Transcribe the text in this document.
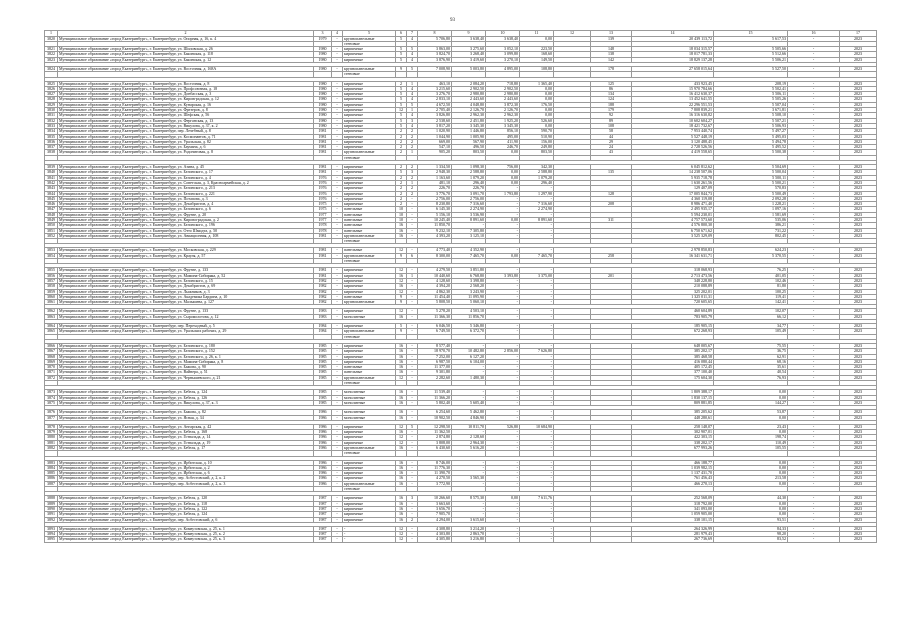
93
1	2	3	4	5	6	7	8	9	10	11	12	13	14	15	16	17
3820	Муниципальное образование «город Екатеринбург», г. Екатеринбург, ул. Опорная, д. 16, к. 4	1979	-	крупнопанельные	5	4	5 706,80	3 638,40	3 638,40	0,00		139	20 439 113,72	5 617,53	-	2023
				стеновые												
3821	Муниципальное образование «город Екатеринбург», г. Екатеринбург, ул. Шиловская, д. 26	1980	-	кирпичные	5	5	3 863,00	3 275,60	3 052,10	223,50		148	18 034 315,57	5 505,66	-	2023
3822	Муниципальное образование «город Екатеринбург», г. Екатеринбург, ул. Бакинская, д. 118	1980	-	кирпичные	5	4	3 824,70	3 268,40	3 099,80	168,60		138	18 017 781,33	5 512,66	-	2023
3823	Муниципальное образование «город Екатеринбург», г. Екатеринбург, ул. Бакинская, д. 12	1980	-	кирпичные	5	4	3 876,90	3 419,60	3 270,10	149,50		142	18 829 137,28	5 506,21	-	2023

3824	Муниципальное образование «город Екатеринбург», г. Екатеринбург, ул. Восточная, д. 168А	1980	-	крупнопанельные	9	5	7 008,90	5 003,80	4 895,00	108,80		178	27 658 015,64	5 527,50	-	2023
				стеновые												

3825	Муниципальное образование «город Екатеринбург», г. Екатеринбург, ул. Восточная, д. 8	1980	-	кирпичные	2	1	463,10	2 084,20	718,80	1 365,40		125	433 923,45	208,19	-	2023
3826	Муниципальное образование «город Екатеринбург», г. Екатеринбург, ул. Профсоюзная, д. 18	1980	-	кирпичные	5	4	3 215,60	2 902,50	2 902,50	0,00		86	15 970 784,66	5 502,41	-	2023
3827	Муниципальное образование «город Екатеринбург», г. Екатеринбург, ул. Донбасская, д. 3	1980	-	кирпичные	5	4	3 276,70	2 980,80	2 980,80	0,00		134	16 412 630,37	5 506,11	-	2023
3828	Муниципальное образование «город Екатеринбург», г. Екатеринбург, ул. Кировградская, д. 12	1980	-	кирпичные	5	4	2 833,10	2 443,60	2 443,60	0,00		124	13 452 641,55	5 505,26	-	2023
3829	Муниципальное образование «город Екатеринбург», г. Екатеринбург, ул. Кунарская, д. 16	1980	-	кирпичные	5	5	4 672,50	4 048,80	3 872,30	176,50		188	22 296 551,53	5 507,04	-	2023
3830	Муниципальное образование «город Екатеринбург», г. Екатеринбург, ул. Фрезеров, д. 8	1980	-	кирпичные	12	1	2 705,40	2 126,70	2 126,70	0,00		179	7 808 839,21	3 671,81	-	2023
3831	Муниципальное образование «город Екатеринбург», г. Екатеринбург, ул. Шефская, д. 56	1980	-	кирпичные	5	4	3 826,80	2 962,30	2 962,30	0,00		92	16 316 630,82	5 508,10	-	2023
3832	Муниципальное образование «город Екатеринбург», г. Екатеринбург, ул. Ферганская, д. 13	1980	-	кирпичные	5	3	2 538,60	2 451,80	1 925,20	526,60		89	10 602 604,27	5 507,21	-	2023
3833	Муниципальное образование «город Екатеринбург», г. Екатеринбург, ул. Викулова, д. 37, к. 2	1980	-	кирпичные	5	4	3 817,20	3 345,30	3 345,30	0,00		108	18 421 732,67	5 506,93	-	2023
3834	Муниципальное образование «город Екатеринбург», г. Екатеринбург, пер. Лечебный, д. 8	1981	-	кирпичные	2	2	1 020,90	1 446,80	856,10	590,70		58	7 953 440,74	5 497,27	-	2023
3835	Муниципальное образование «город Екатеринбург», г. Екатеринбург, ул. Космонавтов, д. 71	1981	-	кирпичные	2	2	1 044,90	1 005,90	495,00	510,90		44	5 527 448,19	5 495,03	-	2023
3836	Муниципальное образование «город Екатеринбург», г. Екатеринбург, ул. Уральская, д. 82	1981	-	кирпичные	2	2	669,00	567,90	411,90	156,00		29	3 120 488,45	5 494,78	-	2023
3837	Муниципальное образование «город Екатеринбург», г. Екатеринбург, ул. Баумана, д. 6	1981	-	кирпичные	2	2	547,10	496,50	246,70	249,80		24	2 728 526,56	5 495,52	-	2023
3838	Муниципальное образование «город Екатеринбург», г. Екатеринбург, ул. Родонитовая, д. 8	1981	-	крупнопанельные	2	1	905,20	803,50	0,00	803,50		43	4 419 558,65	5 500,38	-	2023
				стеновые												

3839	Муниципальное образование «город Екатеринбург», г. Екатеринбург, ул. Азина, д. 45	1981	-	кирпичные	2	2	1 334,50	1 098,30	756,00	342,30			6 045 812,62	5 504,69	-	2023
3840	Муниципальное образование «город Екатеринбург», г. Екатеринбург, ул. Белинского, д. 17	1981	-	кирпичные	5	3	2 948,30	2 588,80	0,00	2 588,80		135	14 238 507,06	5 500,04	-	2023
3841	Муниципальное образование «город Екатеринбург», г. Екатеринбург, ул. Белинского, д. 4	1976	-	кирпичные	2	2	1 163,60	1 079,20	0,00	1 079,20			5 935 718,78	5 500,11	-	2023
3842	Муниципальное образование «город Екатеринбург», г. Екатеринбург, ул. Советская, д. 3, Красноармейская, д. 2	1976	-	кирпичные	2	1	481,10	296,40	0,00	296,40			1 630 261,56	5 500,21	-	2023
3843	Муниципальное образование «город Екатеринбург», г. Екатеринбург, ул. Белинского, д. 213	1976	-	кирпичные	2	2	226,70	226,70	-	-			129 407,09	570,83	-	2023
3844	Муниципальное образование «город Екатеринбург», г. Екатеринбург, ул. Белинского, д. 221	1976	-	кирпичные	2	2	3 776,70	3 091,70	1 793,80	1 297,90		128	17 005 844,73	5 500,49	-	2023
3845	Муниципальное образование «город Екатеринбург», г. Екатеринбург, ул. Потапова, д. 3	1976	-	кирпичные	2	-	2 756,00	2 756,00	-	-			4 360 119,08	2 092,28	-	2023
3846	Муниципальное образование «город Екатеринбург», г. Екатеринбург, ул. Декабристов, д. 4	1975	-	кирпичные	2	-	8 230,80	7 316,60	-	7 316,60		208	8 986 471,40	1 228,21	-	2023
3847	Муниципальное образование «город Екатеринбург», г. Екатеринбург, ул. Белинского, д. 6	1975	-	панельные	10	-	6 145,30	2 274,90	-	2 274,90			2 495 935,17	1 097,16	-	2023
3848	Муниципальное образование «город Екатеринбург», г. Екатеринбург, ул. Фрунзе, д. 20	1977	-	панельные	10	-	5 156,10	3 536,90	-	-			5 594 230,01	1 581,69	-	2023
3849	Муниципальное образование «город Екатеринбург», г. Екатеринбург, ул. Кировоградская, д. 2	1977	-	панельные	10	-	10 245,40	8 891,60	0,00	8 891,60		311	4 757 573,60	535,06	-	2023
3850	Муниципальное образование «город Екатеринбург», г. Екатеринбург, ул. Белинского, д. 196	1978	-	панельные	16	-	11 850,70	-	-	-			4 576 800,30	386,21	-	2023
3851	Муниципальное образование «город Екатеринбург», г. Екатеринбург, ул. Отто Шмидта, д. 50	1978	-	панельные	16	-	9 232,10	7 305,80	-	-			6 750 671,62	731,22	-	2023
3852	Муниципальное образование «город Екатеринбург», г. Екатеринбург, ул. Авиационная, д. 108	1981	-	крупнопанельные	16	-	4 393,20	3 125,10	-	-			3 525 329,09	802,45	-	2023
				стеновые												

3853	Муниципальное образование «город Екатеринбург», г. Екатеринбург, ул. Московская, д. 229	1981	-	панельные	12	-	4 773,40	4 352,90	-	-			2 978 850,83	624,23	-	2023
3854	Муниципальное образование «город Екатеринбург», г. Екатеринбург, ул. Крауля, д. 57	1981	-	крупнопанельные	9	6	8 300,00	7 465,70	0,00	7 465,70		258	16 341 631,71	5 370,55	-	2023
				стеновые												

3855	Муниципальное образование «город Екатеринбург», г. Екатеринбург, ул. Фрунзе, д. 133	1981	-	кирпичные	12	-	4 279,50	3 851,80	-	-			318 068,93	76,25	-	2023
3856	Муниципальное образование «город Екатеринбург», г. Екатеринбург, ул. Мамина-Сибиряка, д. 52	1981	-	кирпичные	16	1	10 440,60	6 768,80	3 393,80	3 375,00		201	2 713 473,56	401,05	-	2023
3857	Муниципальное образование «город Екатеринбург», г. Екатеринбург, ул. Белинского, д. 15	1982	-	кирпичные	12	-	4 128,60	3 398,80	-	-			348 228,80	102,46	-	2023
3858	Муниципальное образование «город Екатеринбург», г. Екатеринбург, ул. Декабристов, д. 69	1982	-	кирпичные	16	-	4 394,20	2 568,20	-	-			210 088,89	81,80	-	2023
3859	Муниципальное образование «город Екатеринбург», г. Екатеринбург, ул. Лыжников, д. 3	1982	-	кирпичные	12	-	4 862,30	3 243,90	-	-			325 202,01	100,25	-	2023
3860	Муниципальное образование «город Екатеринбург», г. Екатеринбург, ул. Академика Бардина, д. 10	1982	-	панельные	9	-	11 454,40	11 095,90	-	-			1 325 011,31	119,41	-	2023
3861	Муниципальное образование «город Екатеринбург», г. Екатеринбург, ул. Малышева, д. 127	1982	-	крупнопанельные	9	-	5 808,50	5 060,10	-	-			720 605,65	142,41	-	2023

3862	Муниципальное образование «город Екатеринбург», г. Екатеринбург, ул. Фрунзе, д. 133	1983	-	кирпичные	12	-	5 278,20	4 503,10	-	-			460 604,89	102,07	-	2023
3863	Муниципальное образование «город Екатеринбург», г. Екатеринбург, ул. Сыромолотова, д. 12	1983	-	монолитные	16	-	11 366,30	11 856,70	-	-			783 905,79	66,12	-	2023

3864	Муниципальное образование «город Екатеринбург», г. Екатеринбург, пер. Переходный, д. 5	1984	-	кирпичные	5	-	6 046,50	5 346,80	-	-			185 905,15	34,77	-	2023
3865	Муниципальное образование «город Екатеринбург», г. Екатеринбург, ул. Уральских рабочих, д. 29	1984	-	крупнопанельные	9	-	6 749,50	6 372,70	-	-			672 268,93	105,49	-	2023
				стеновые												

3866	Муниципальное образование «город Екатеринбург», г. Екатеринбург, ул. Белинского, д. 180	1985	-	кирпичные	16	-	8 577,40	-	-	-			648 005,67	75,55	-	2023
3867	Муниципальное образование «город Екатеринбург», г. Екатеринбург, ул. Белинского, д. 152	1985	-	кирпичные	16	-	18 970,70	10 482,80	2 856,00	7 626,80			385 202,17	36,75	-	2023
3868	Муниципальное образование «город Екатеринбург», г. Екатеринбург, ул. Белинского, д. 26, к. 1	1985	-	кирпичные	16	-	7 252,00	6 127,20	-	-			385 468,58	62,91	-	2023
3869	Муниципальное образование «город Екатеринбург», г. Екатеринбург, ул. Мамина-Сибиряка, д. 8	1985	-	кирпичные	16	-	6 987,50	6 104,00	-	-			416 080,44	68,16	-	2023
3870	Муниципальное образование «город Екатеринбург», г. Екатеринбург, ул. Бажова, д. 90	1985	-	панельные	16	-	11 377,00	-	-	-			405 172,45	35,61	-	2023
3871	Муниципальное образование «город Екатеринбург», г. Екатеринбург, ул. Вайнера, д. 51	1985	-	панельные	16	-	9 301,80	-	-	-			377 100,40	40,54	-	2023
3872	Муниципальное образование «город Екатеринбург», г. Екатеринбург, ул. Чернышевского, д. 21	1985	-	крупнопанельные	12	-	2 282,60	1 480,30	-	-			175 604,30	76,93	-	2023
				стеновые												

3873	Муниципальное образование «город Екатеринбург», г. Екатеринбург, ул. Бебеля, д. 124	1985	-	монолитные	16	-	11 539,40	-	-	-			1 809 388,17	0,00	-	2023
3874	Муниципальное образование «город Екатеринбург», г. Екатеринбург, ул. Бебеля, д. 126	1985	-	монолитные	16	-	11 366,20	-	-	-			1 830 137,15	0,00	-	2023
3875	Муниципальное образование «город Екатеринбург», г. Екатеринбург, ул. Викулова, д. 37, к. 3	1985	-	монолитные	16	-	5 802,40	5 605,40	-	-			809 881,85	144,27	-	2023

3876	Муниципальное образование «город Екатеринбург», г. Екатеринбург, ул. Бажова, д. 82	1986	-	монолитные	16	-	6 254,60	5 462,80	-	-			385 205,62	53,87	-	2023
3877	Муниципальное образование «город Екатеринбург», г. Екатеринбург, ул. Ясная, д. 34	1986	-	монолитные	16	-	10 902,50	4 846,90	-	-			448 280,61	0,00	-	2023

3878	Муниципальное образование «город Екатеринбург», г. Екатеринбург, ул. Ангарская, д. 42	1986	-	кирпичные	12	5	12 298,50	10 811,70	526,80	10 684,90			258 148,07	23,43	-	2023
3879	Муниципальное образование «город Екатеринбург», г. Екатеринбург, ул. Бебеля, д. 168	1986	-	кирпичные	16	-	11 362,50	-	-	-			302 907,01	0,00	-	2023
3880	Муниципальное образование «город Екатеринбург», г. Екатеринбург, ул. Готвальда, д. 14	1986	-	кирпичные	12	-	2 874,80	2 128,60	-	-			422 303,15	198,74	-	2023
3881	Муниципальное образование «город Екатеринбург», г. Екатеринбург, ул. Готвальда, д. 19	1986	-	кирпичные	12	-	3 808,00	2 964,30	-	-			338 202,17	110,49	-	2023
3882	Муниципальное образование «город Екатеринбург», г. Екатеринбург, ул. Бебеля, д. 17	1986	-	крупнопанельные	16	-	6 430,60	5 616,20	-	-			677 993,26	105,55	-	2023
				стеновые												

3883	Муниципальное образование «город Екатеринбург», г. Екатеринбург, ул. Ирбитская, д. 10	1986	-	кирпичные	16	-	8 746,00	-	-	-			466 188,77	0,00	-	2023
3884	Муниципальное образование «город Екатеринбург», г. Екатеринбург, ул. Ирбитская, д. 2	1986	-	кирпичные	16	-	11 776,30	-	-	-			1 039 982,15	0,00	-	2023
3885	Муниципальное образование «город Екатеринбург», г. Екатеринбург, ул. Ирбитская, д. 6	1986	-	кирпичные	16	-	11 390,70	-	-	-			1 137 431,70	0,00	-	2023
3886	Муниципальное образование «город Екатеринбург», г. Екатеринбург, пер. Асбестовский, д. 2, к. 2	1986	-	кирпичные	16	-	4 270,50	3 565,30	-	-			761 456,43	213,58	-	2023
3887	Муниципальное образование «город Екатеринбург», г. Екатеринбург, пер. Асбестовский, д. 2, к. 3	1986	-	крупнопанельные	16	-	3 772,90	-	-	-			466 270,13	0,00	-	2023
				стеновые												

3888	Муниципальное образование «город Екатеринбург», г. Екатеринбург, ул. Бебеля, д. 120	1987	-	кирпичные	16	3	10 266,60	8 575,30	0,00	7 611,76			252 568,09	44,30	-	2023
3889	Муниципальное образование «город Екатеринбург», г. Екатеринбург, ул. Бебеля, д. 118	1987	-	кирпичные	16	-	3 663,60	-	-	-			318 792,00	0,00	-	2023
3890	Муниципальное образование «город Екатеринбург», г. Екатеринбург, ул. Бебеля, д. 122	1987	-	кирпичные	16	-	3 656,70	-	-	-			341 093,00	0,00	-	2023
3891	Муниципальное образование «город Екатеринбург», г. Екатеринбург, ул. Бебеля, д. 124	1987	-	кирпичные	16	-	7 905,70	-	-	-			1 059 905,00	0,00	-	2023
3892	Муниципальное образование «город Екатеринбург», г. Екатеринбург, пер. Асбестовский, д. 6	1987	-	кирпичные	16	2	4 294,00	3 615,60	-	-			338 101,15	93,51	-	2023

3893	Муниципальное образование «город Екатеринбург», г. Екатеринбург, ул. Комвузовская, д. 25, к. 1	1987	-	-	12	-	4 308,80	3 214,20	-	-			264 326,99	84,33	-	2023
3894	Муниципальное образование «город Екатеринбург», г. Екатеринбург, ул. Комвузовская, д. 25, к. 2	1987	-	-	12	-	4 303,80	2 863,70	-	-			281 979,43	98,20	-	2023
3895	Муниципальное образование «город Екатеринбург», г. Екатеринбург, ул. Комвузовская, д. 25, к. 3	1987	-	-	12	-	4 305,80	3 216,80	-	-			267 736,69	83,52	-	2023
